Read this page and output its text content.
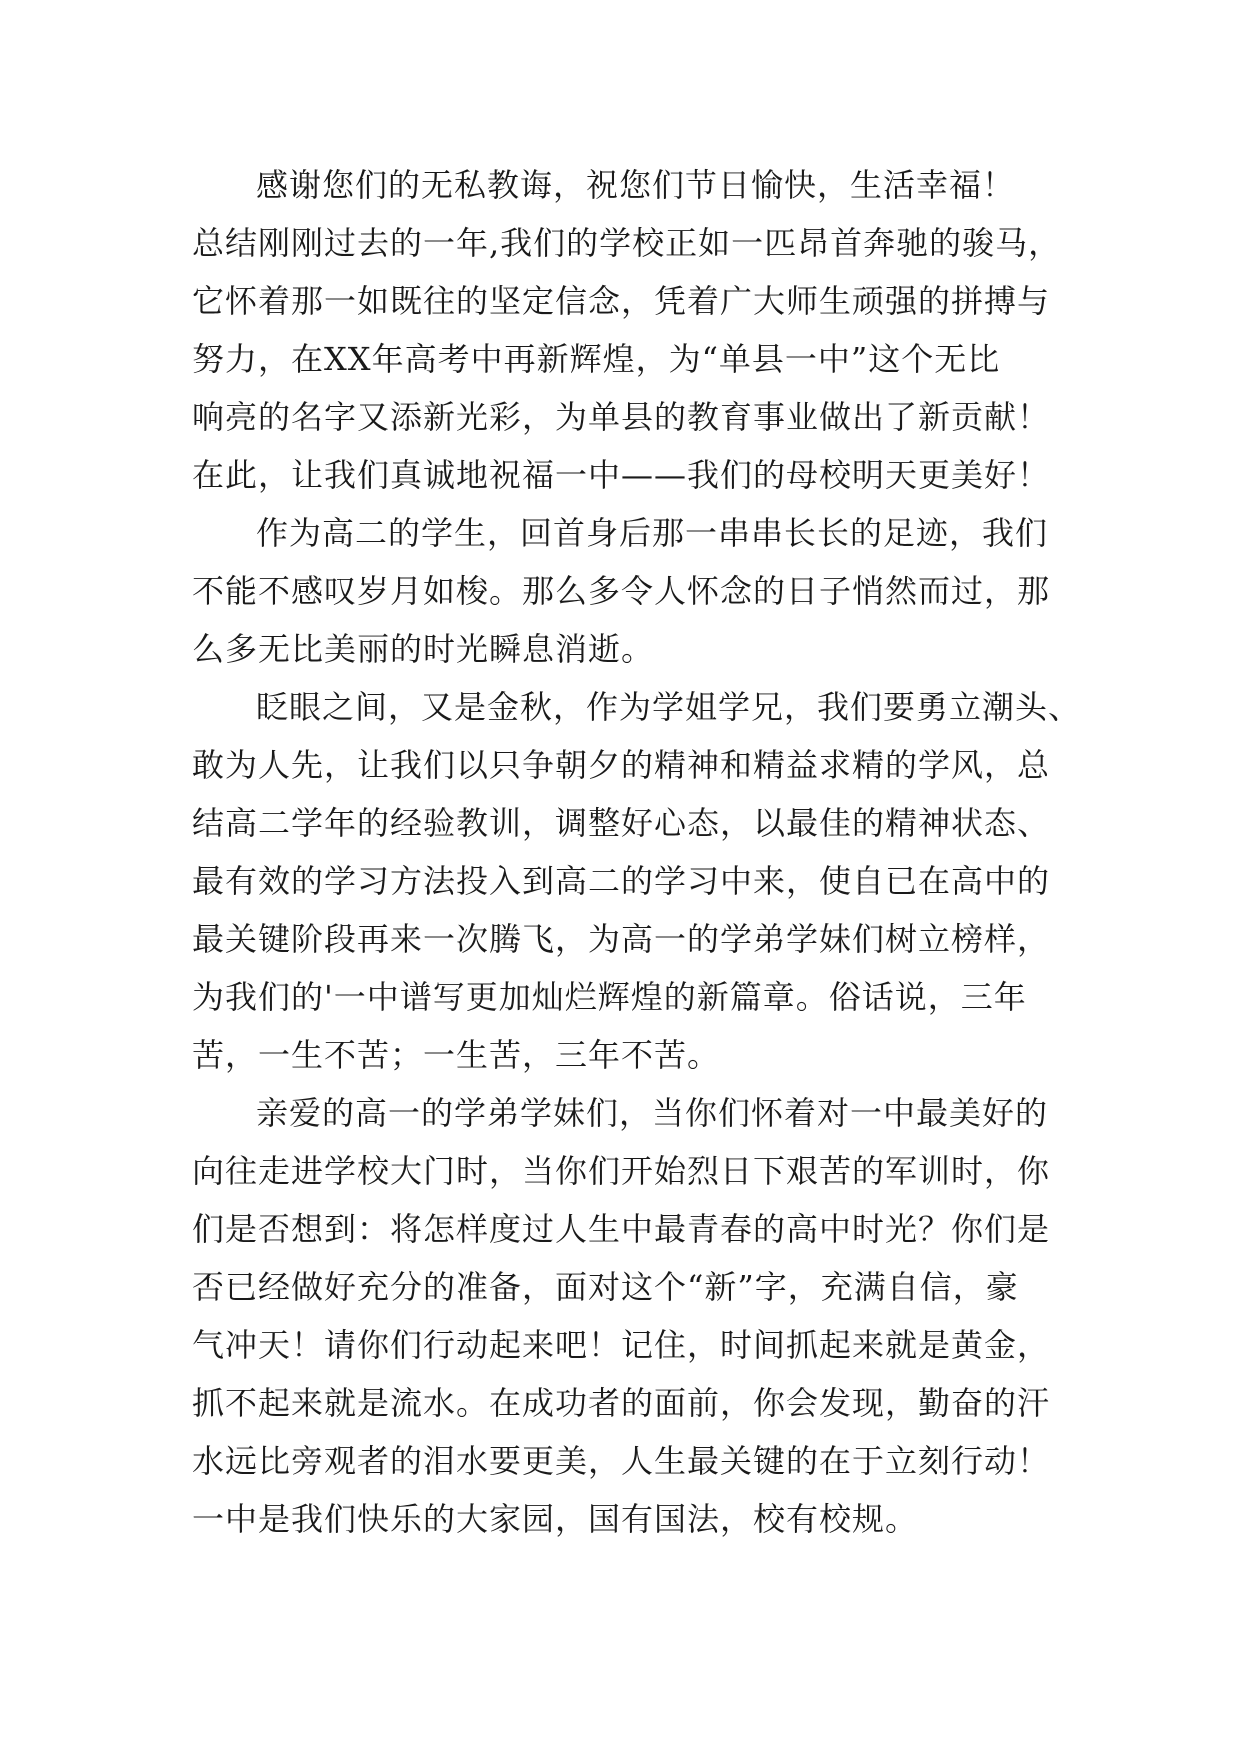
感谢您们的无私教诲，祝您们节日愉快，生活幸福！
总结刚刚过去的一年,我们的学校正如一匹昂首奔驰的骏马，
它怀着那一如既往的坚定信念，凭着广大师生顽强的拼搏与
努力，在XX年高考中再新辉煌，为“单县一中”这个无比
响亮的名字又添新光彩，为单县的教育事业做出了新贡献！
在此，让我们真诚地祝福一中——我们的母校明天更美好！
作为高二的学生，回首身后那一串串长长的足迹，我们
不能不感叹岁月如梭。那么多令人怀念的日子悄然而过，那
么多无比美丽的时光瞬息消逝。
眨眼之间，又是金秋，作为学姐学兄，我们要勇立潮头、
敢为人先，让我们以只争朝夕的精神和精益求精的学风，总
结高二学年的经验教训，调整好心态，以最佳的精神状态、
最有效的学习方法投入到高二的学习中来，使自已在高中的
最关键阶段再来一次腾飞，为高一的学弟学妹们树立榜样，
为我们的'一中谱写更加灿烂辉煌的新篇章。俗话说，三年
苦，一生不苦；一生苦，三年不苦。
亲爱的高一的学弟学妹们，当你们怀着对一中最美好的
向往走进学校大门时，当你们开始烈日下艰苦的军训时，你
们是否想到：将怎样度过人生中最青春的高中时光？你们是
否已经做好充分的准备，面对这个“新”字，充满自信，豪
气冲天！请你们行动起来吧！记住，时间抓起来就是黄金，
抓不起来就是流水。在成功者的面前，你会发现，勤奋的汗
水远比旁观者的泪水要更美，人生最关键的在于立刻行动！
一中是我们快乐的大家园，国有国法，校有校规。
